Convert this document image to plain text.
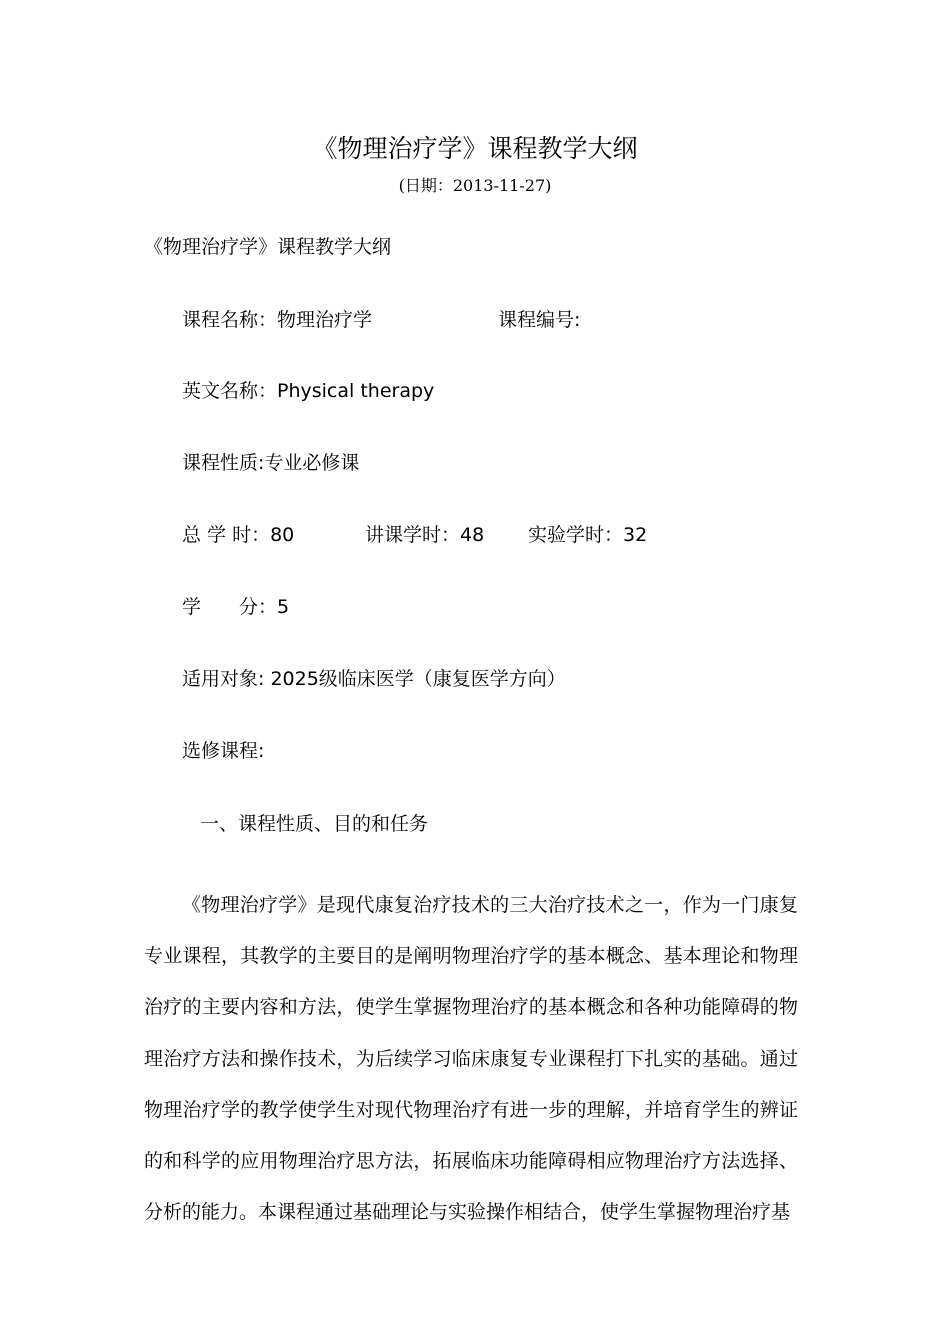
《物理治疗学》课程教学大纲
(日期：2013-11-27)
《物理治疗学》课程教学大纲
课程名称：物理治疗学	课程编号:
英文名称：Physical therapy
课程性质:专业必修课
总 学 时：80	讲课学时：48 实验学时：32
学　　分：5
适用对象: 2025级临床医学（康复医学方向）
选修课程:
一、课程性质、目的和任务

《物理治疗学》是现代康复治疗技术的三大治疗技术之一，作为一门康复专业课程，其教学的主要目的是阐明物理治疗学的基本概念、基本理论和物理治疗的主要内容和方法，使学生掌握物理治疗的基本概念和各种功能障碍的物理治疗方法和操作技术，为后续学习临床康复专业课程打下扎实的基础。通过物理治疗学的教学使学生对现代物理治疗有进一步的理解，并培育学生的辨证的和科学的应用物理治疗思方法，拓展临床功能障碍相应物理治疗方法选择、分析的能力。本课程通过基础理论与实验操作相结合，使学生掌握物理治疗基
